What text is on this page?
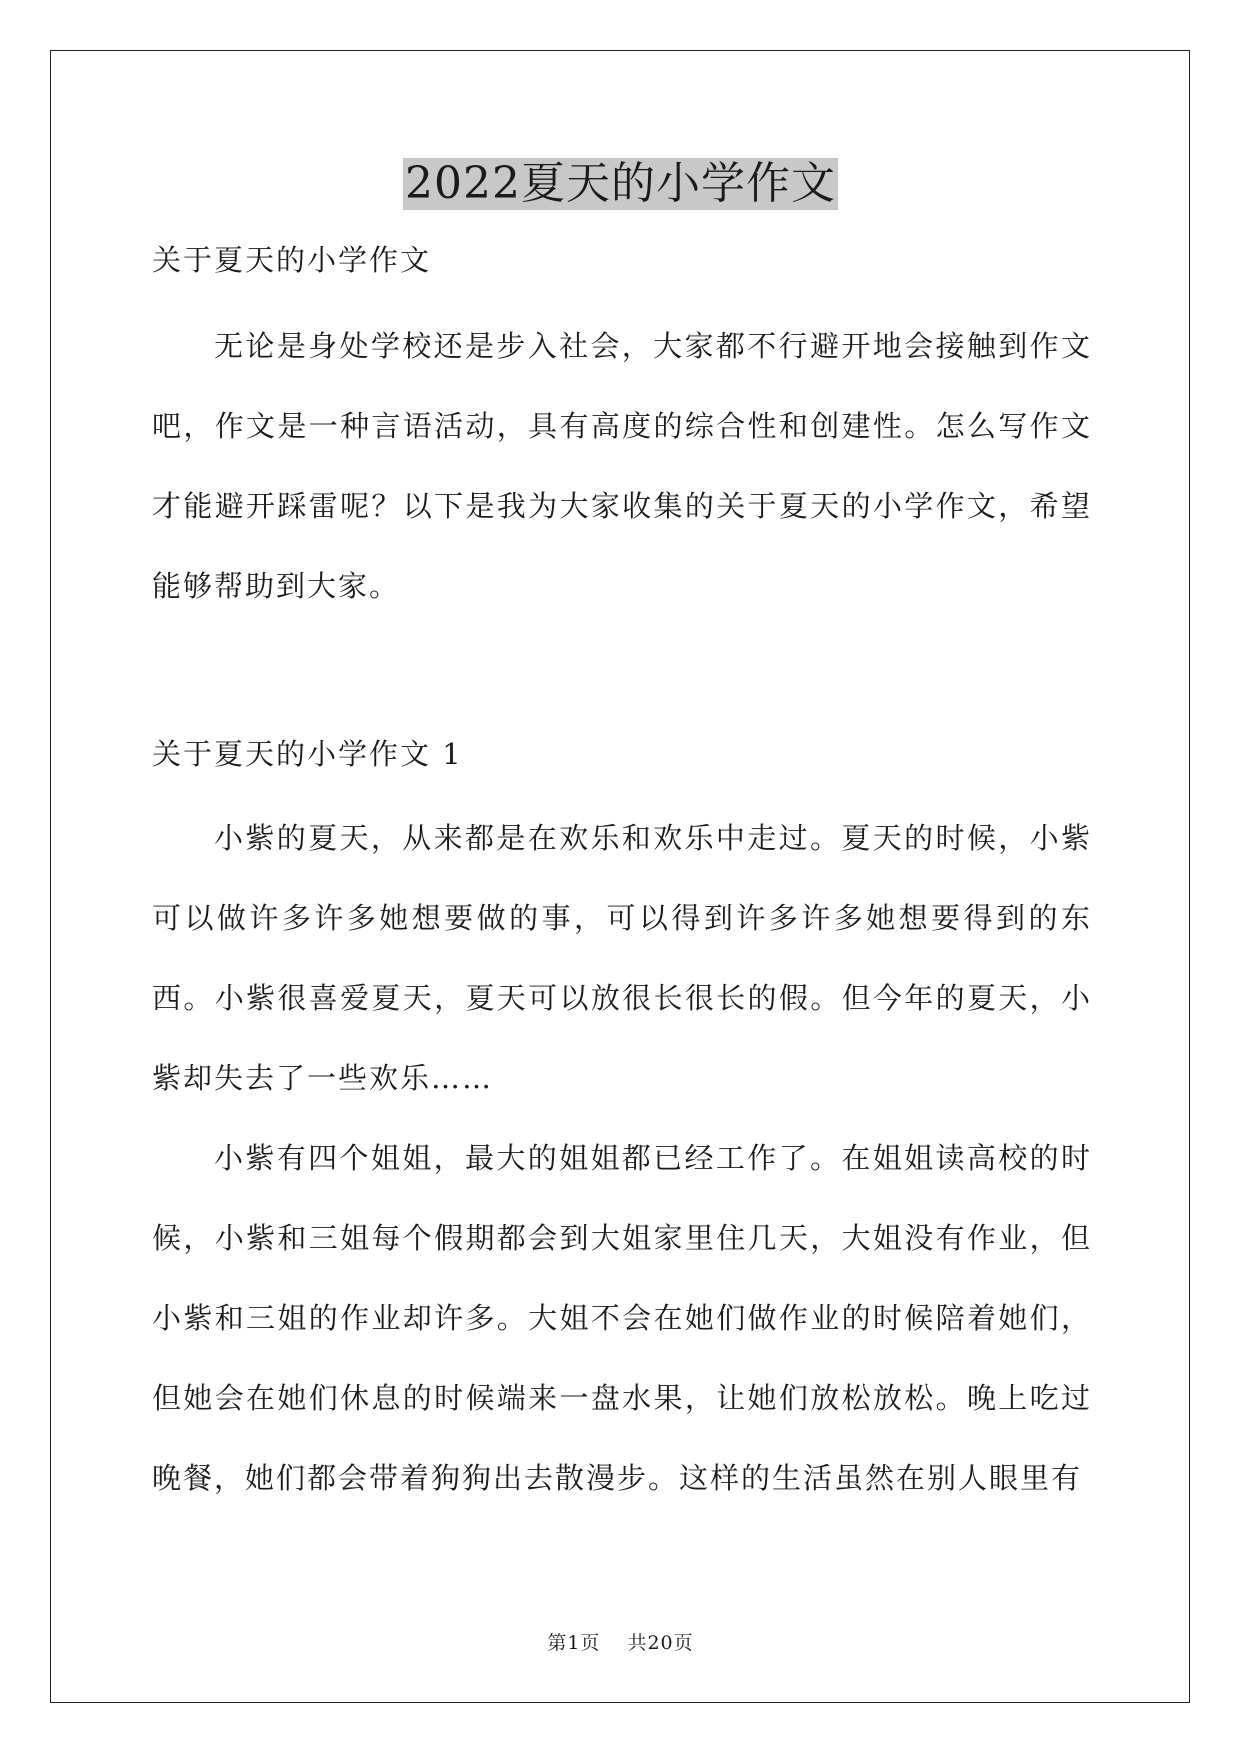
2022夏天的小学作文

关于夏天的小学作文

无论是身处学校还是步入社会，大家都不行避开地会接触到作文吧，作文是一种言语活动，具有高度的综合性和创建性。怎么写作文才能避开踩雷呢？以下是我为大家收集的关于夏天的小学作文，希望能够帮助到大家。

关于夏天的小学作文 1

小紫的夏天，从来都是在欢乐和欢乐中走过。夏天的时候，小紫可以做许多许多她想要做的事，可以得到许多许多她想要得到的东西。小紫很喜爱夏天，夏天可以放很长很长的假。但今年的夏天，小紫却失去了一些欢乐……

小紫有四个姐姐，最大的姐姐都已经工作了。在姐姐读高校的时候，小紫和三姐每个假期都会到大姐家里住几天，大姐没有作业，但小紫和三姐的作业却许多。大姐不会在她们做作业的时候陪着她们，但她会在她们休息的时候端来一盘水果，让她们放松放松。晚上吃过晚餐，她们都会带着狗狗出去散漫步。这样的生活虽然在别人眼里有

第1页 共20页
